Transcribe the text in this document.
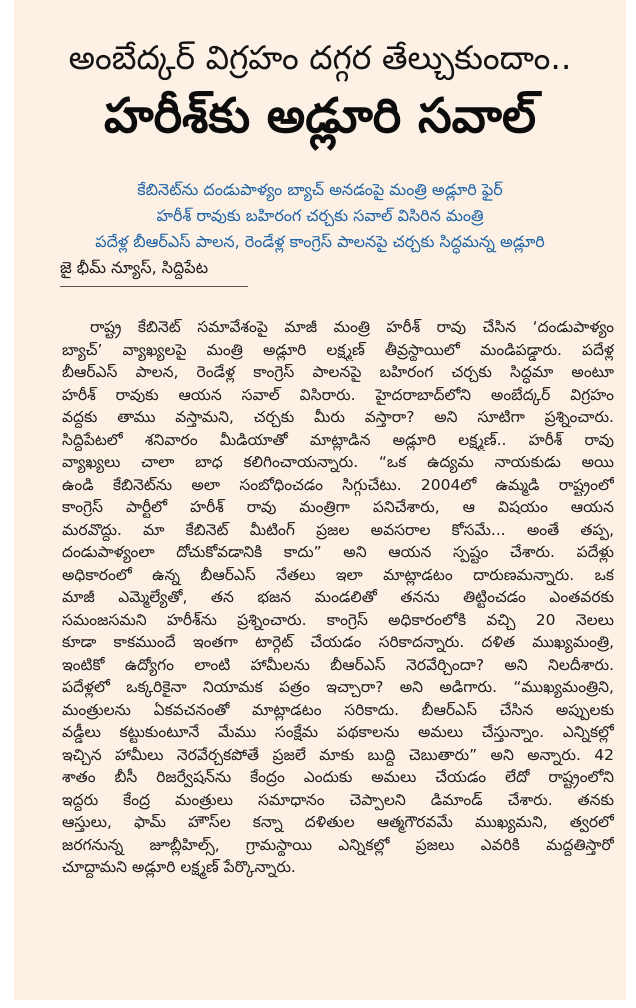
అంబేద్కర్ విగ్రహం దగ్గర తేల్చుకుందాం..
హరీశ్‌కు అడ్లూరి సవాల్
కేబినెట్‌ను దండుపాళ్యం బ్యాచ్ అనడంపై మంత్రి అడ్లూరి ఫైర్
హరీశ్ రావుకు బహిరంగ చర్చకు సవాల్ విసిరిన మంత్రి
పదేళ్ల బీఆర్ఎస్ పాలన, రెండేళ్ల కాంగ్రెస్ పాలనపై చర్చకు సిద్ధమన్న అడ్లూరి
జై భీమ్ న్యూస్, సిద్దిపేట
రాష్ట్ర కేబినెట్ సమావేశంపై మాజీ మంత్రి హరీశ్ రావు చేసిన ‘దండుపాళ్యం
బ్యాచ్’ వ్యాఖ్యలపై మంత్రి అడ్లూరి లక్ష్మణ్ తీవ్రస్థాయిలో మండిపడ్డారు. పదేళ్ల
బీఆర్ఎస్ పాలన, రెండేళ్ల కాంగ్రెస్ పాలనపై బహిరంగ చర్చకు సిద్ధమా అంటూ
హరీశ్ రావుకు ఆయన సవాల్ విసిరారు. హైదరాబాద్‌లోని అంబేద్కర్ విగ్రహం
వద్దకు తాము వస్తామని, చర్చకు మీరు వస్తారా? అని సూటిగా ప్రశ్నించారు.
సిద్దిపేటలో శనివారం మీడియాతో మాట్లాడిన అడ్లూరి లక్ష్మణ్.. హరీశ్ రావు
వ్యాఖ్యలు చాలా బాధ కలిగించాయన్నారు. “ఒక ఉద్యమ నాయకుడు అయి
ఉండి కేబినెట్‌ను అలా సంబోధించడం సిగ్గుచేటు. 2004లో ఉమ్మడి రాష్ట్రంలో
కాంగ్రెస్ పార్టీలో హరీశ్ రావు మంత్రిగా పనిచేశారు, ఆ విషయం ఆయన
మరవొద్దు. మా కేబినెట్ మీటింగ్ ప్రజల అవసరాల కోసమే... అంతే తప్ప,
దండుపాళ్యంలా దోచుకోవడానికి కాదు” అని ఆయన స్పష్టం చేశారు. పదేళ్లు
అధికారంలో ఉన్న బీఆర్ఎస్ నేతలు ఇలా మాట్లాడటం దారుణమన్నారు. ఒక
మాజీ ఎమ్మెల్యేతో, తన భజన మండలితో తనను తిట్టించడం ఎంతవరకు
సమంజసమని హరీశ్‌ను ప్రశ్నించారు. కాంగ్రెస్ అధికారంలోకి వచ్చి 20 నెలలు
కూడా కాకముందే ఇంతగా టార్గెట్ చేయడం సరికాదన్నారు. దళిత ముఖ్యమంత్రి,
ఇంటికో ఉద్యోగం లాంటి హామీలను బీఆర్ఎస్ నెరవేర్చిందా? అని నిలదీశారు.
పదేళ్లలో ఒక్కరికైనా నియామక పత్రం ఇచ్చారా? అని అడిగారు. “ముఖ్యమంత్రిని,
మంత్రులను ఏకవచనంతో మాట్లాడటం సరికాదు. బీఆర్ఎస్ చేసిన అప్పులకు
వడ్డీలు కట్టుకుంటూనే మేము సంక్షేమ పథకాలను అమలు చేస్తున్నాం. ఎన్నికల్లో
ఇచ్చిన హామీలు నెరవేర్చకపోతే ప్రజలే మాకు బుద్ధి చెబుతారు” అని అన్నారు. 42
శాతం బీసీ రిజర్వేషన్‌ను కేంద్రం ఎందుకు అమలు చేయడం లేదో రాష్ట్రంలోని
ఇద్దరు కేంద్ర మంత్రులు సమాధానం చెప్పాలని డిమాండ్ చేశారు. తనకు
ఆస్తులు, ఫామ్ హౌస్‌ల కన్నా దళితుల ఆత్మగౌరవమే ముఖ్యమని, త్వరలో
జరగనున్న జూబ్లీహిల్స్, గ్రామస్థాయి ఎన్నికల్లో ప్రజలు ఎవరికి మద్దతిస్తారో
చూద్దామని అడ్లూరి లక్ష్మణ్ పేర్కొన్నారు.
